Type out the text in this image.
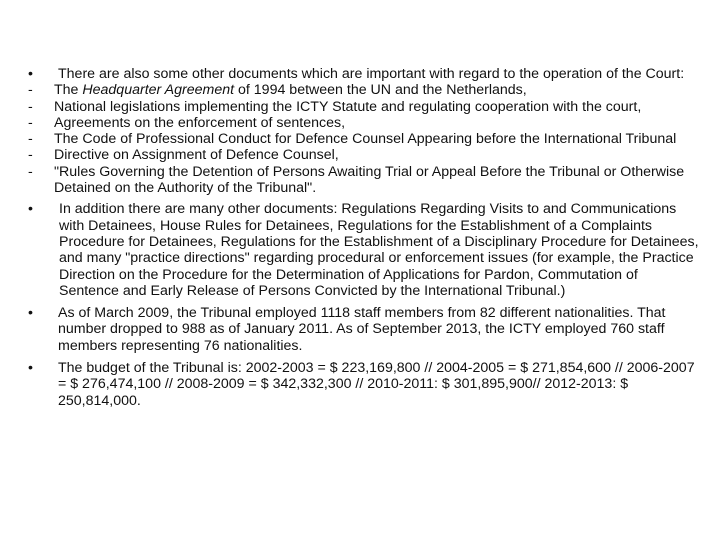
•	There are also some other documents which are important with regard to the operation of the Court:
-	The Headquarter Agreement of 1994 between the UN and the Netherlands,
-	National legislations implementing the ICTY Statute and regulating cooperation with the court,
-	Agreements on the enforcement of sentences,
-	The Code of Professional Conduct for Defence Counsel Appearing before the International Tribunal
-	Directive on Assignment of Defence Counsel,
-	"Rules Governing the Detention of Persons Awaiting Trial or Appeal Before the Tribunal or Otherwise Detained on the Authority of the Tribunal".
•	In addition there are many other documents: Regulations Regarding Visits to and Communications with Detainees, House Rules for Detainees, Regulations for the Establishment of a Complaints Procedure for Detainees, Regulations for the Establishment of a Disciplinary Procedure for Detainees, and many "practice directions" regarding procedural or enforcement issues (for example, the Practice Direction on the Procedure for the Determination of Applications for Pardon, Commutation of Sentence and Early Release of Persons Convicted by the International Tribunal.)
•	As of March 2009, the Tribunal employed 1118 staff members from 82 different nationalities. That number dropped to 988 as of January 2011. As of September 2013, the ICTY employed 760 staff members representing 76 nationalities.
•	The budget of the Tribunal is: 2002-2003 = $ 223,169,800 // 2004-2005 = $ 271,854,600 // 2006-2007 = $ 276,474,100 // 2008-2009 = $ 342,332,300 // 2010-2011: $ 301,895,900// 2012-2013: $ 250,814,000.
